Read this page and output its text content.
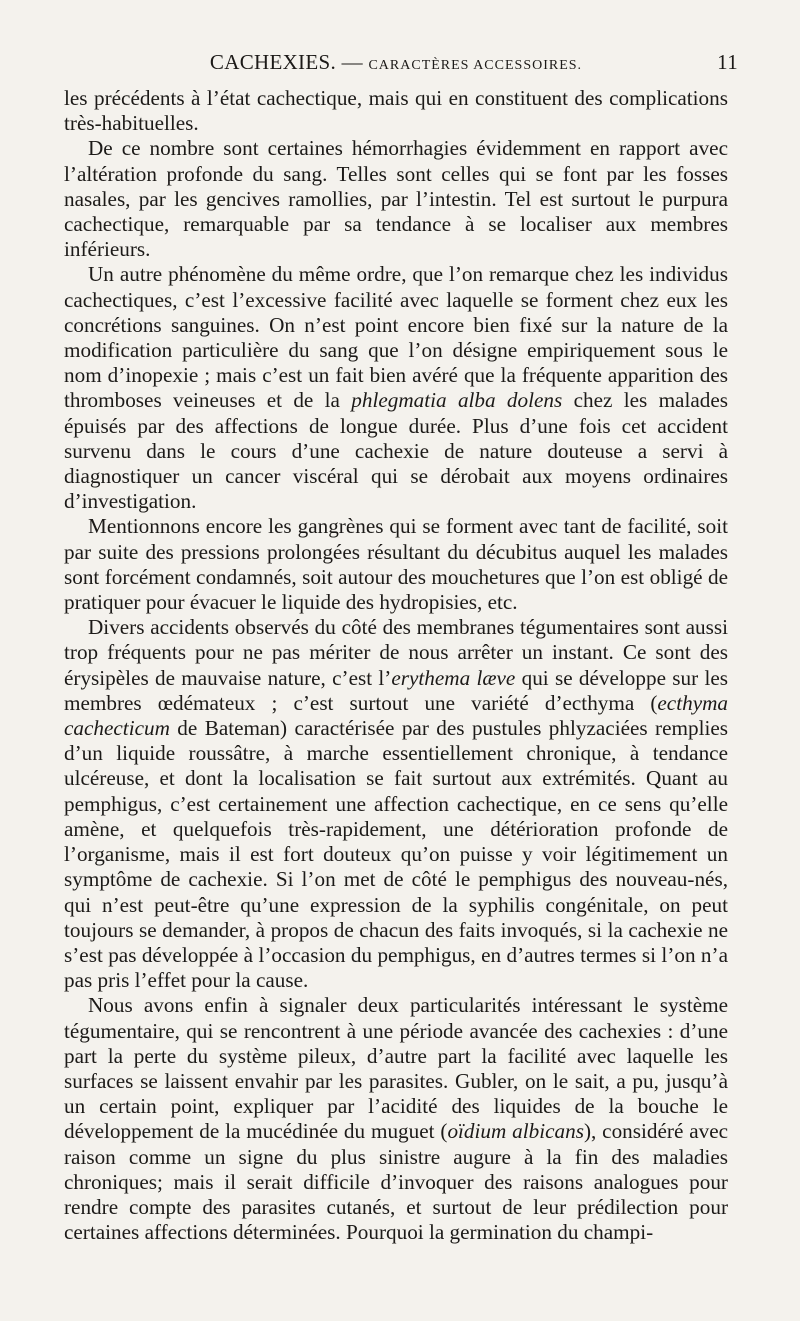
CACHEXIES. — CARACTÈRES ACCESSOIRES.	11

les précédents à l’état cachectique, mais qui en constituent des complications très-habituelles.

De ce nombre sont certaines hémorrhagies évidemment en rapport avec l’altération profonde du sang. Telles sont celles qui se font par les fosses nasales, par les gencives ramollies, par l’intestin. Tel est surtout le purpura cachectique, remarquable par sa tendance à se localiser aux membres inférieurs.

Un autre phénomène du même ordre, que l’on remarque chez les individus cachectiques, c’est l’excessive facilité avec laquelle se forment chez eux les concrétions sanguines. On n’est point encore bien fixé sur la nature de la modification particulière du sang que l’on désigne empiriquement sous le nom d’inopexie ; mais c’est un fait bien avéré que la fréquente apparition des thromboses veineuses et de la phlegmatia alba dolens chez les malades épuisés par des affections de longue durée. Plus d’une fois cet accident survenu dans le cours d’une cachexie de nature douteuse a servi à diagnostiquer un cancer viscéral qui se dérobait aux moyens ordinaires d’investigation.

Mentionnons encore les gangrènes qui se forment avec tant de facilité, soit par suite des pressions prolongées résultant du décubitus auquel les malades sont forcément condamnés, soit autour des mouchetures que l’on est obligé de pratiquer pour évacuer le liquide des hydropisies, etc.

Divers accidents observés du côté des membranes tégumentaires sont aussi trop fréquents pour ne pas mériter de nous arrêter un instant. Ce sont des érysipèles de mauvaise nature, c’est l’erythema læve qui se développe sur les membres œdémateux ; c’est surtout une variété d’ecthyma (ecthyma cachecticum de Bateman) caractérisée par des pustules phlyzaciées remplies d’un liquide roussâtre, à marche essentiellement chronique, à tendance ulcéreuse, et dont la localisation se fait surtout aux extrémités. Quant au pemphigus, c’est certainement une affection cachectique, en ce sens qu’elle amène, et quelquefois très-rapidement, une détérioration profonde de l’organisme, mais il est fort douteux qu’on puisse y voir légitimement un symptôme de cachexie. Si l’on met de côté le pemphigus des nouveau-nés, qui n’est peut-être qu’une expression de la syphilis congénitale, on peut toujours se demander, à propos de chacun des faits invoqués, si la cachexie ne s’est pas développée à l’occasion du pemphigus, en d’autres termes si l’on n’a pas pris l’effet pour la cause.

Nous avons enfin à signaler deux particularités intéressant le système tégumentaire, qui se rencontrent à une période avancée des cachexies : d’une part la perte du système pileux, d’autre part la facilité avec laquelle les surfaces se laissent envahir par les parasites. Gubler, on le sait, a pu, jusqu’à un certain point, expliquer par l’acidité des liquides de la bouche le développement de la mucédinée du muguet (oïdium albicans), considéré avec raison comme un signe du plus sinistre augure à la fin des maladies chroniques; mais il serait difficile d’invoquer des raisons analogues pour rendre compte des parasites cutanés, et surtout de leur prédilection pour certaines affections déterminées. Pourquoi la germination du champi-
